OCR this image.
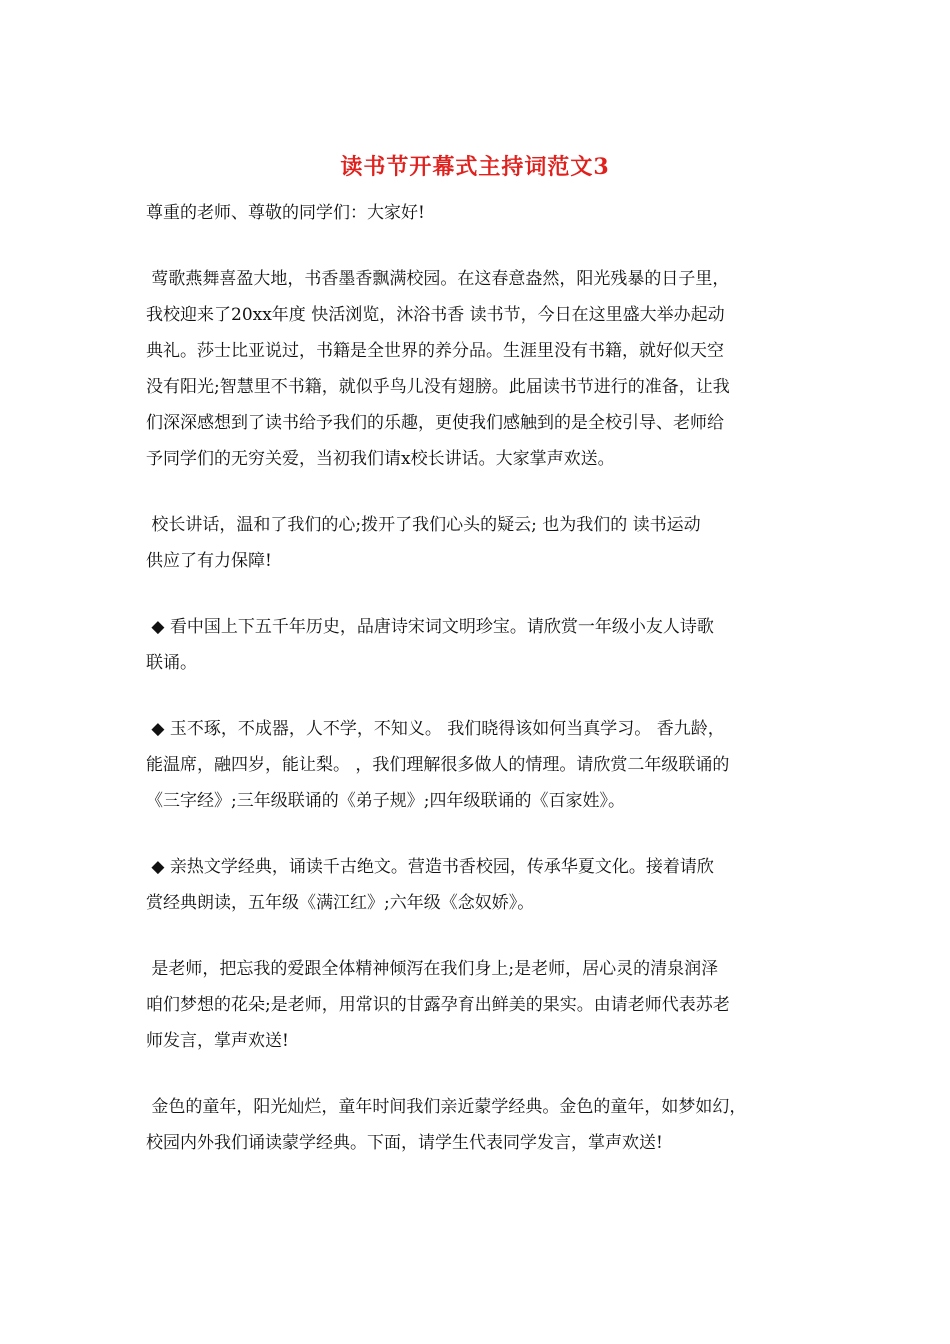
读书节开幕式主持词范文3
尊重的老师、尊敬的同学们：大家好!
莺歌燕舞喜盈大地，书香墨香飘满校园。在这春意盎然，阳光残暴的日子里，
我校迎来了20xx年度 快活浏览，沐浴书香 读书节，今日在这里盛大举办起动
典礼。莎士比亚说过，书籍是全世界的养分品。生涯里没有书籍，就好似天空
没有阳光;智慧里不书籍，就似乎鸟儿没有翅膀。此届读书节进行的准备，让我
们深深感想到了读书给予我们的乐趣，更使我们感触到的是全校引导、老师给
予同学们的无穷关爱，当初我们请x校长讲话。大家掌声欢送。
校长讲话，温和了我们的心;拨开了我们心头的疑云; 也为我们的 读书运动
供应了有力保障!
◆ 看中国上下五千年历史，品唐诗宋词文明珍宝。请欣赏一年级小友人诗歌
联诵。
◆ 玉不琢，不成器，人不学，不知义。 我们晓得该如何当真学习。 香九龄，
能温席，融四岁，能让梨。 ，我们理解很多做人的情理。请欣赏二年级联诵的
《三字经》;三年级联诵的《弟子规》;四年级联诵的《百家姓》。
◆ 亲热文学经典，诵读千古绝文。营造书香校园，传承华夏文化。接着请欣
赏经典朗读，五年级《满江红》;六年级《念奴娇》。
是老师，把忘我的爱跟全体精神倾泻在我们身上;是老师，居心灵的清泉润泽
咱们梦想的花朵;是老师，用常识的甘露孕育出鲜美的果实。由请老师代表苏老
师发言，掌声欢送!
金色的童年，阳光灿烂，童年时间我们亲近蒙学经典。金色的童年，如梦如幻，
校园内外我们诵读蒙学经典。下面，请学生代表同学发言，掌声欢送!
